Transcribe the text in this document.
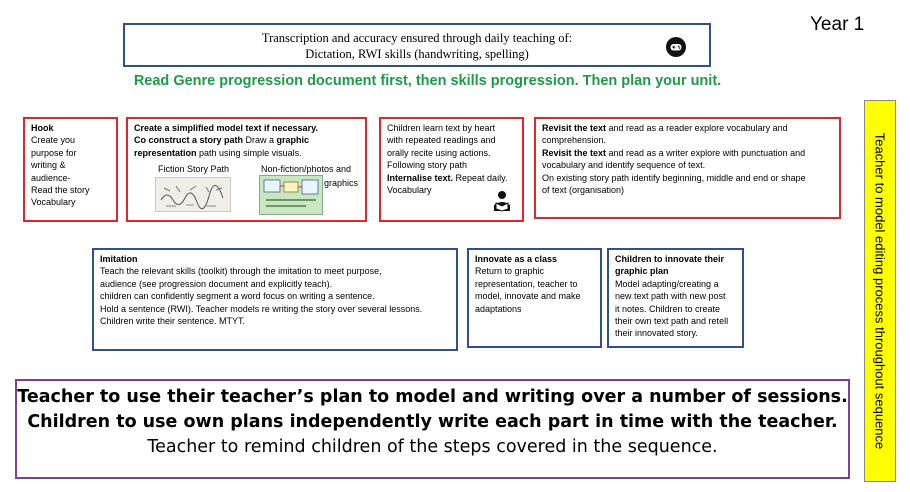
Year 1
Transcription and accuracy ensured through daily teaching of:
Dictation, RWI skills (handwriting, spelling)
Read Genre progression document first, then skills progression. Then plan your unit.
Hook
Create you
purpose for
writing &
audience-
Read the story
Vocabulary
Create a simplified model text if necessary.
Co construct a story path Draw a graphic
representation path using simple visuals.
Fiction Story Path	Non-fiction/photos and
graphics
Children learn text by heart
with repeated readings and
orally recite using actions.
Following story path
Internalise text. Repeat daily.
Vocabulary
Revisit the text and read as a reader explore vocabulary and
comprehension.
Revisit the text and read as a writer explore with punctuation and
vocabulary and identify sequence of text.
On existing story path identify beginning, middle and end or shape
of text (organisation)
Imitation
Teach the relevant skills (toolkit) through the imitation to meet purpose,
audience (see progression document and explicitly teach).
children can confidently segment a word focus on writing a sentence.
Hold a sentence (RWI). Teacher models re writing the story over several lessons.
Children write their sentence. MTYT.
Innovate as a class
Return to graphic
representation, teacher to
model, innovate and make
adaptations
Children to innovate their
graphic plan
Model adapting/creating a
new text path with new post
it notes. Children to create
their own text path and retell
their innovated story.	Teacher to model editing process throughout sequence
Teacher to use their teacher’s plan to model and writing over a number of sessions.
Children to use own plans independently write each part in time with the teacher.
Teacher to remind children of the steps covered in the sequence.
